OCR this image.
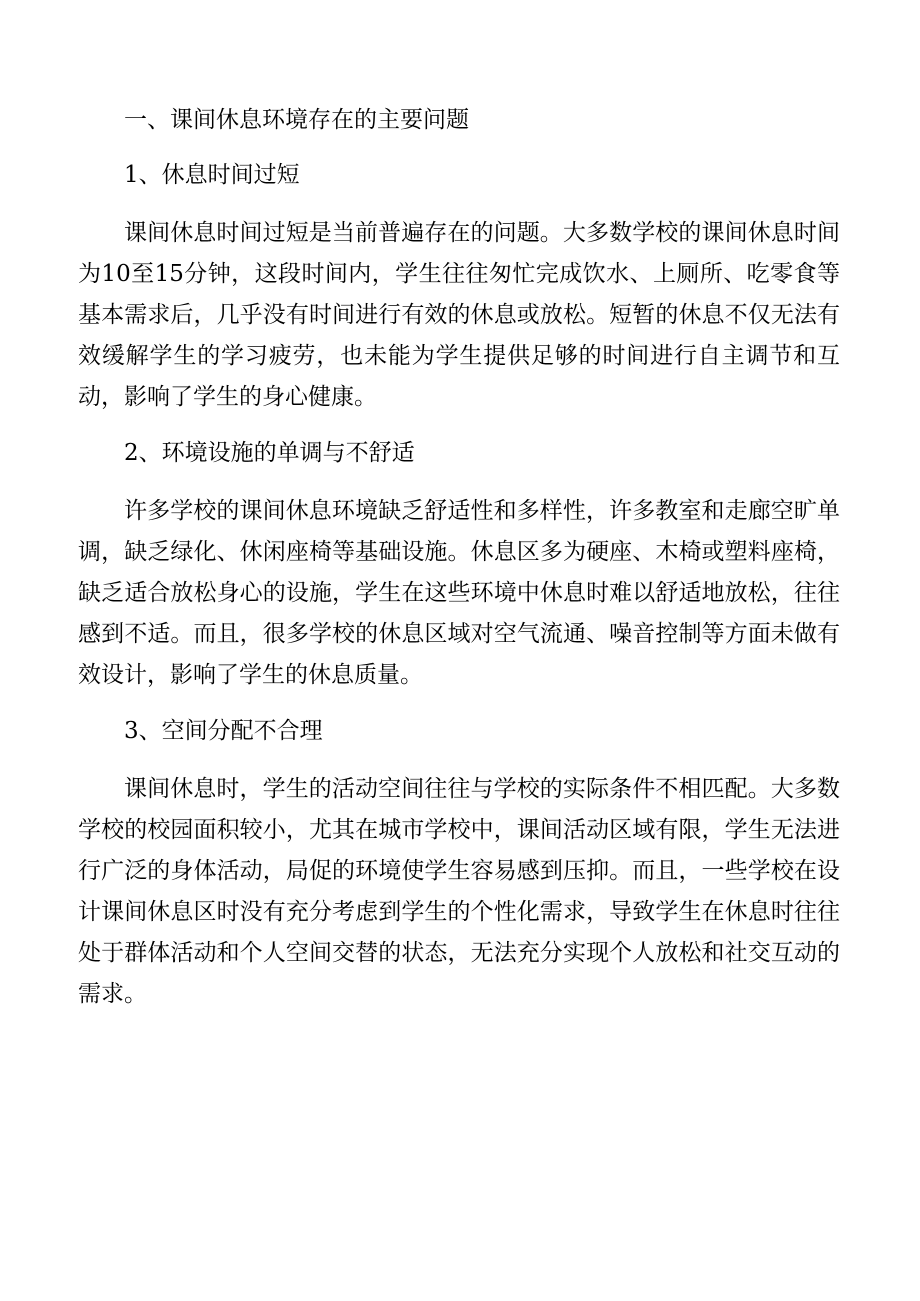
一、课间休息环境存在的主要问题
1、休息时间过短

课间休息时间过短是当前普遍存在的问题。大多数学校的课间休息时间为10至15分钟，这段时间内，学生往往匆忙完成饮水、上厕所、吃零食等基本需求后，几乎没有时间进行有效的休息或放松。短暂的休息不仅无法有效缓解学生的学习疲劳，也未能为学生提供足够的时间进行自主调节和互动，影响了学生的身心健康。

2、环境设施的单调与不舒适

许多学校的课间休息环境缺乏舒适性和多样性，许多教室和走廊空旷单调，缺乏绿化、休闲座椅等基础设施。休息区多为硬座、木椅或塑料座椅，缺乏适合放松身心的设施，学生在这些环境中休息时难以舒适地放松，往往感到不适。而且，很多学校的休息区域对空气流通、噪音控制等方面未做有效设计，影响了学生的休息质量。

3、空间分配不合理

课间休息时，学生的活动空间往往与学校的实际条件不相匹配。大多数学校的校园面积较小，尤其在城市学校中，课间活动区域有限，学生无法进行广泛的身体活动，局促的环境使学生容易感到压抑。而且，一些学校在设计课间休息区时没有充分考虑到学生的个性化需求，导致学生在休息时往往处于群体活动和个人空间交替的状态，无法充分实现个人放松和社交互动的需求。
